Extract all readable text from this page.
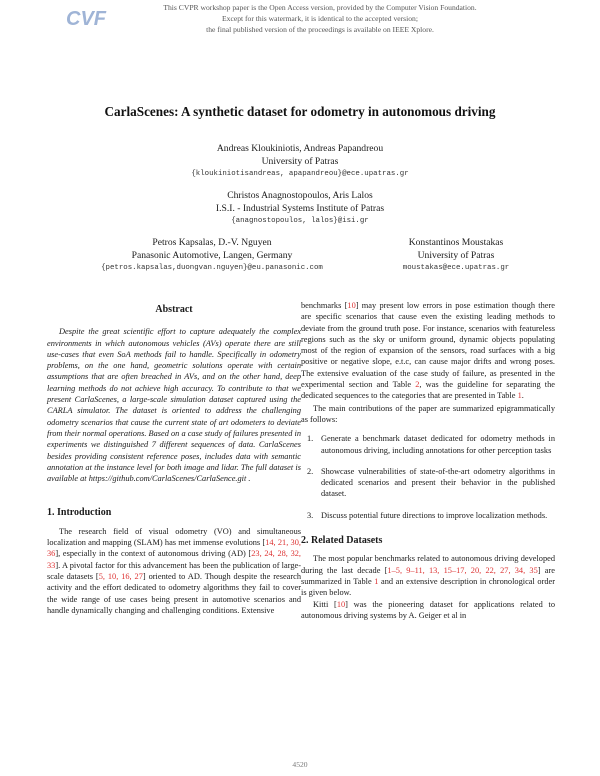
CVF
This CVPR workshop paper is the Open Access version, provided by the Computer Vision Foundation.
Except for this watermark, it is identical to the accepted version;
the final published version of the proceedings is available on IEEE Xplore.
CarlaScenes: A synthetic dataset for odometry in autonomous driving
Andreas Kloukiniotis, Andreas Papandreou
University of Patras
{kloukiniotisandreas, apapandreou}@ece.upatras.gr
Christos Anagnostopoulos, Aris Lalos
I.S.I. - Industrial Systems Institute of Patras
{anagnostopoulos, lalos}@isi.gr
Petros Kapsalas, D.-V. Nguyen
Panasonic Automotive, Langen, Germany
{petros.kapsalas,duongvan.nguyen}@eu.panasonic.com
Konstantinos Moustakas
University of Patras
moustakas@ece.upatras.gr
Abstract
Despite the great scientific effort to capture adequately the complex environments in which autonomous vehicles (AVs) operate there are still use-cases that even SoA methods fail to handle. Specifically in odometry problems, on the one hand, geometric solutions operate with certain assumptions that are often breached in AVs, and on the other hand, deep learning methods do not achieve high accuracy. To contribute to that we present CarlaScenes, a large-scale simulation dataset captured using the CARLA simulator. The dataset is oriented to address the challenging odometry scenarios that cause the current state of art odometers to deviate from their normal operations. Based on a case study of failures presented in experiments we distinguished 7 different sequences of data. CarlaScenes besides providing consistent reference poses, includes data with semantic annotation at the instance level for both image and lidar. The full dataset is available at https://github.com/CarlaScenes/CarlaSence.git .
1. Introduction

The research field of visual odometry (VO) and simultaneous localization and mapping (SLAM) has met immense evolutions [14, 21, 30, 36], especially in the context of autonomous driving (AD) [23, 24, 28, 32, 33]. A pivotal factor for this advancement has been the publication of large-scale datasets [5, 10, 16, 27] oriented to AD. Though despite the research activity and the effort dedicated to odometry algorithms they fail to cover the wide range of use cases being present in automotive scenarios and handle dynamically changing and challenging conditions. Extensive

benchmarks [10] may present low errors in pose estimation though there are specific scenarios that cause even the existing leading methods to deviate from the ground truth pose. For instance, scenarios with featureless regions such as the sky or uniform ground, dynamic objects populating most of the region of expansion of the sensors, road surfaces with a big positive or negative slope, e.t.c, can cause major drifts and wrong poses. The extensive evaluation of the case study of failure, as presented in the experimental section and Table 2, was the guideline for separating the dedicated sequences to the categories that are presented in Table 1.

The main contributions of the paper are summarized epigrammatically as follows:

1. Generate a benchmark dataset dedicated for odometry methods in autonomous driving, including annotations for other perception tasks
2. Showcase vulnerabilities of state-of-the-art odometry algorithms in dedicated scenarios and present their behavior in the published dataset.
3. Discuss potential future directions to improve localization methods.
2. Related Datasets

The most popular benchmarks related to autonomous driving developed during the last decade [1–5, 9–11, 13, 15–17, 20, 22, 27, 34, 35] are summarized in Table 1 and an extensive description in chronological order is given below.

Kitti [10] was the pioneering dataset for applications related to autonomous driving systems by A. Geiger et al in

4520
